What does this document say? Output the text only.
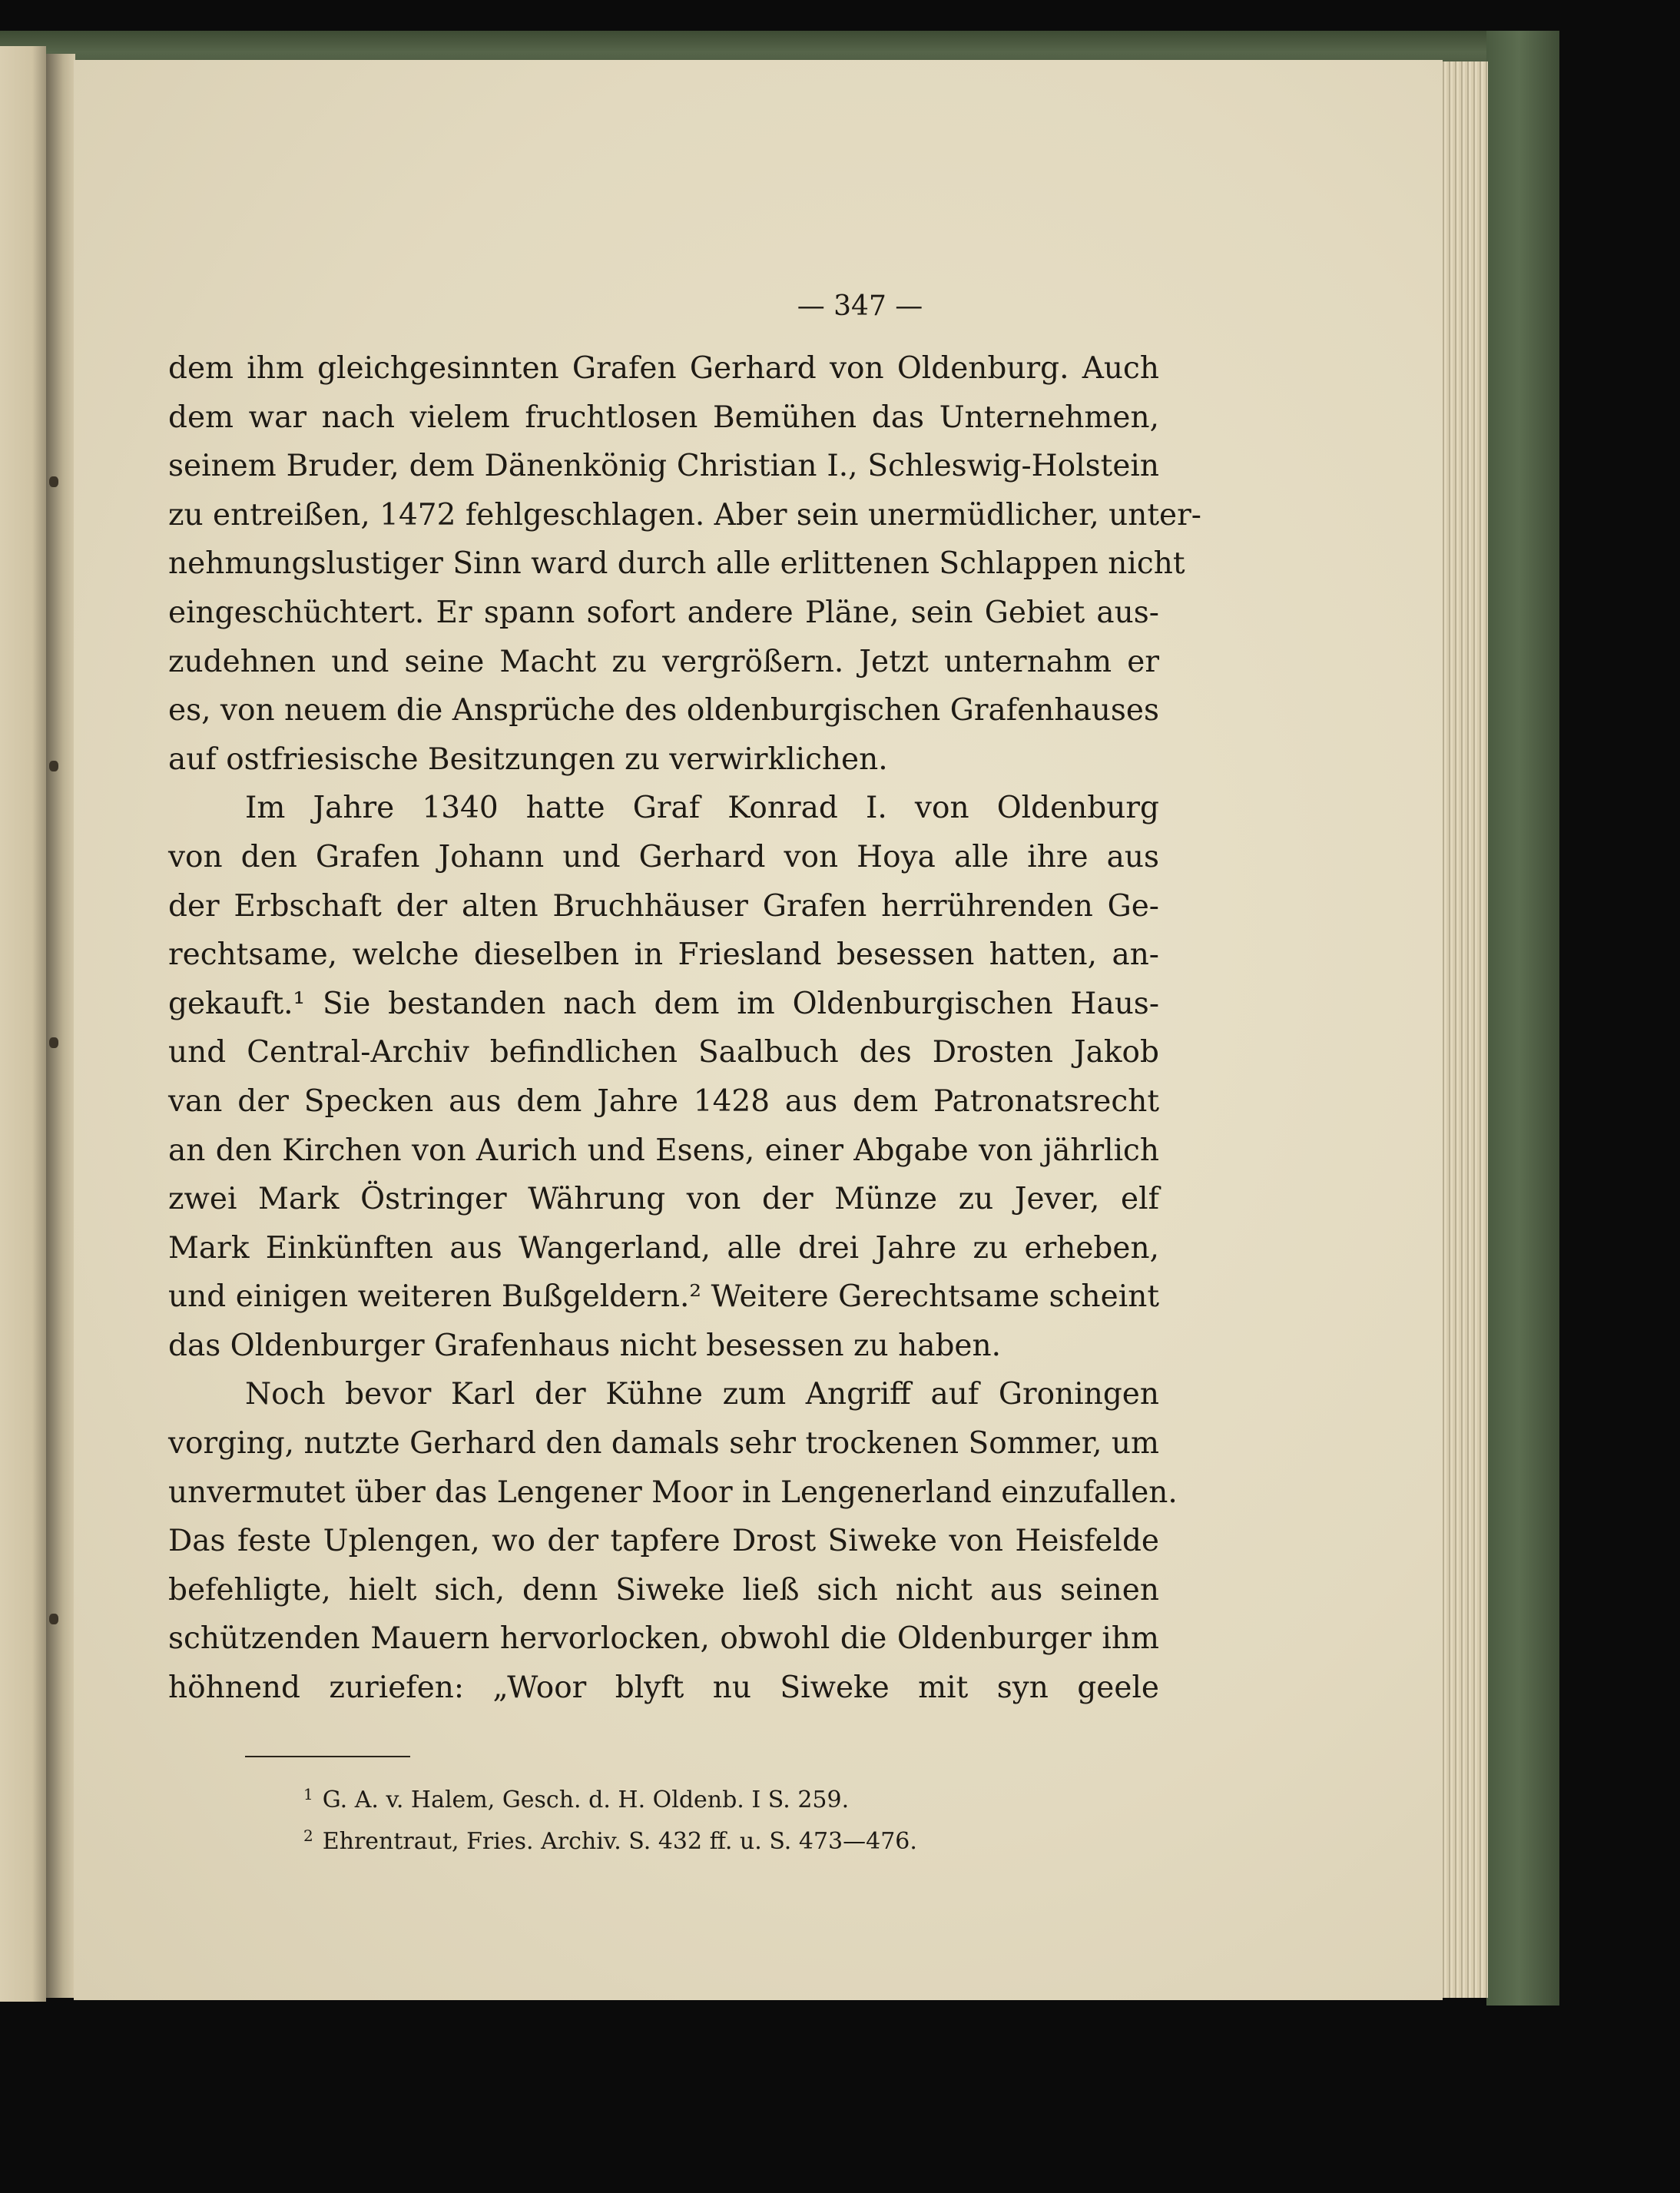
— 347 —
dem ihm gleichgesinnten Grafen Gerhard von Oldenburg. Auch
dem war nach vielem fruchtlosen Bemühen das Unternehmen,
seinem Bruder, dem Dänenkönig Christian I., Schleswig-Holstein
zu entreißen, 1472 fehlgeschlagen. Aber sein unermüdlicher, unter-
nehmungslustiger Sinn ward durch alle erlittenen Schlappen nicht
eingeschüchtert. Er spann sofort andere Pläne, sein Gebiet aus-
zudehnen und seine Macht zu vergrößern. Jetzt unternahm er
es, von neuem die Ansprüche des oldenburgischen Grafenhauses
auf ostfriesische Besitzungen zu verwirklichen.
Im Jahre 1340 hatte Graf Konrad I. von Oldenburg
von den Grafen Johann und Gerhard von Hoya alle ihre aus
der Erbschaft der alten Bruchhäuser Grafen herrührenden Ge-
rechtsame, welche dieselben in Friesland besessen hatten, an-
gekauft.¹ Sie bestanden nach dem im Oldenburgischen Haus-
und Central-Archiv befindlichen Saalbuch des Drosten Jakob
van der Specken aus dem Jahre 1428 aus dem Patronatsrecht
an den Kirchen von Aurich und Esens, einer Abgabe von jährlich
zwei Mark Östringer Währung von der Münze zu Jever, elf
Mark Einkünften aus Wangerland, alle drei Jahre zu erheben,
und einigen weiteren Bußgeldern.² Weitere Gerechtsame scheint
das Oldenburger Grafenhaus nicht besessen zu haben.
Noch bevor Karl der Kühne zum Angriff auf Groningen
vorging, nutzte Gerhard den damals sehr trockenen Sommer, um
unvermutet über das Lengener Moor in Lengenerland einzufallen.
Das feste Uplengen, wo der tapfere Drost Siweke von Heisfelde
befehligte, hielt sich, denn Siweke ließ sich nicht aus seinen
schützenden Mauern hervorlocken, obwohl die Oldenburger ihm
höhnend zuriefen: „Woor blyft nu Siweke mit syn geele
$^1$ G. A. v. Halem, Gesch. d. H. Oldenb. I S. 259.
$^2$ Ehrentraut, Fries. Archiv. S. 432 ff. u. S. 473—476.
